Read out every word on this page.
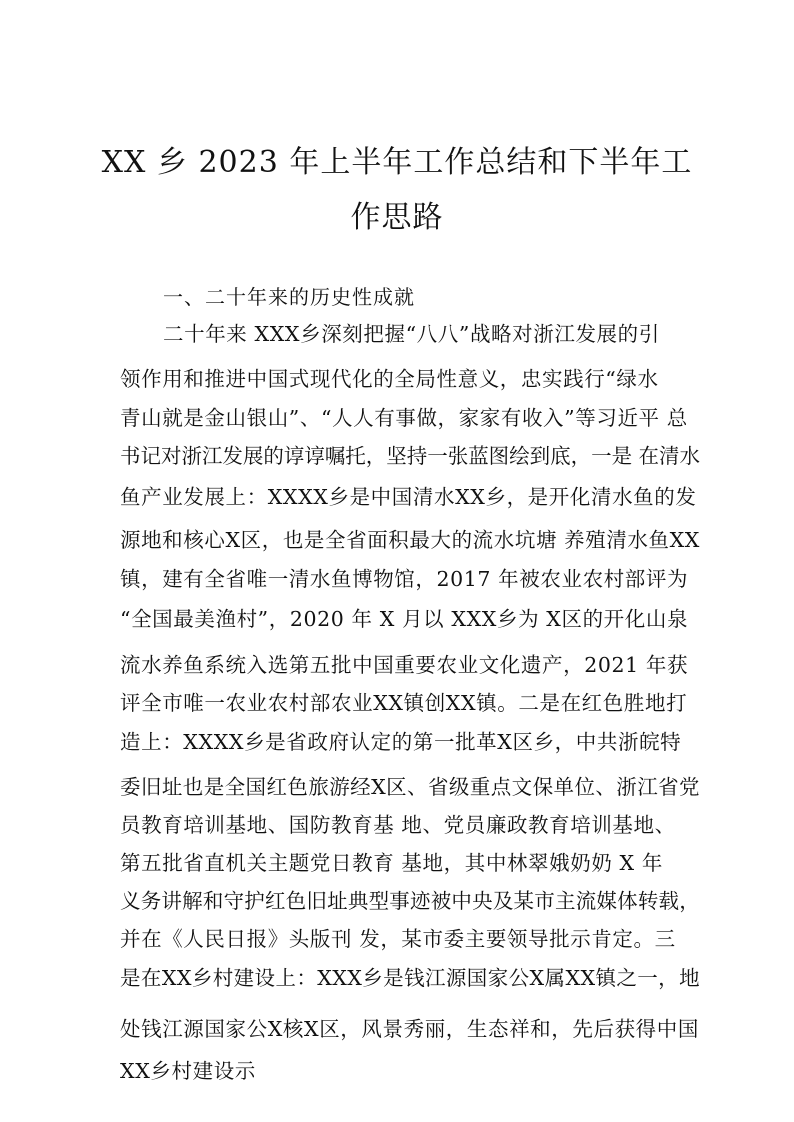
XX 乡 2023 年上半年工作总结和下半年工
作思路
一、二十年来的历史性成就
二十年来 XXX乡深刻把握“八八”战略对浙江发展的引
领作用和推进中国式现代化的全局性意义，忠实践行“绿水
青山就是金山银山”、“人人有事做，家家有收入”等习近平 总
书记对浙江发展的谆谆嘱托，坚持一张蓝图绘到底，一是 在清水
鱼产业发展上：XXXX乡是中国清水XX乡，是开化清水鱼的发
源地和核心X区，也是全省面积最大的流水坑塘 养殖清水鱼XX
镇，建有全省唯一清水鱼博物馆，2017 年被农业农村部评为
“全国最美渔村”，2020 年 X 月以 XXX乡为 X区的开化山泉
流水养鱼系统入选第五批中国重要农业文化遗产，2021 年获
评全市唯一农业农村部农业XX镇创XX镇。二是在红色胜地打
造上：XXXX乡是省政府认定的第一批革X区乡，中共浙皖特
委旧址也是全国红色旅游经X区、省级重点文保单位、浙江省党
员教育培训基地、国防教育基 地、党员廉政教育培训基地、
第五批省直机关主题党日教育 基地，其中林翠娥奶奶 X 年
义务讲解和守护红色旧址典型事迹被中央及某市主流媒体转载，
并在《人民日报》头版刊 发，某市委主要领导批示肯定。三
是在XX乡村建设上：XXX乡是钱江源国家公X属XX镇之一，地
处钱江源国家公X核X区，风景秀丽，生态祥和，先后获得中国
XX乡村建设示
